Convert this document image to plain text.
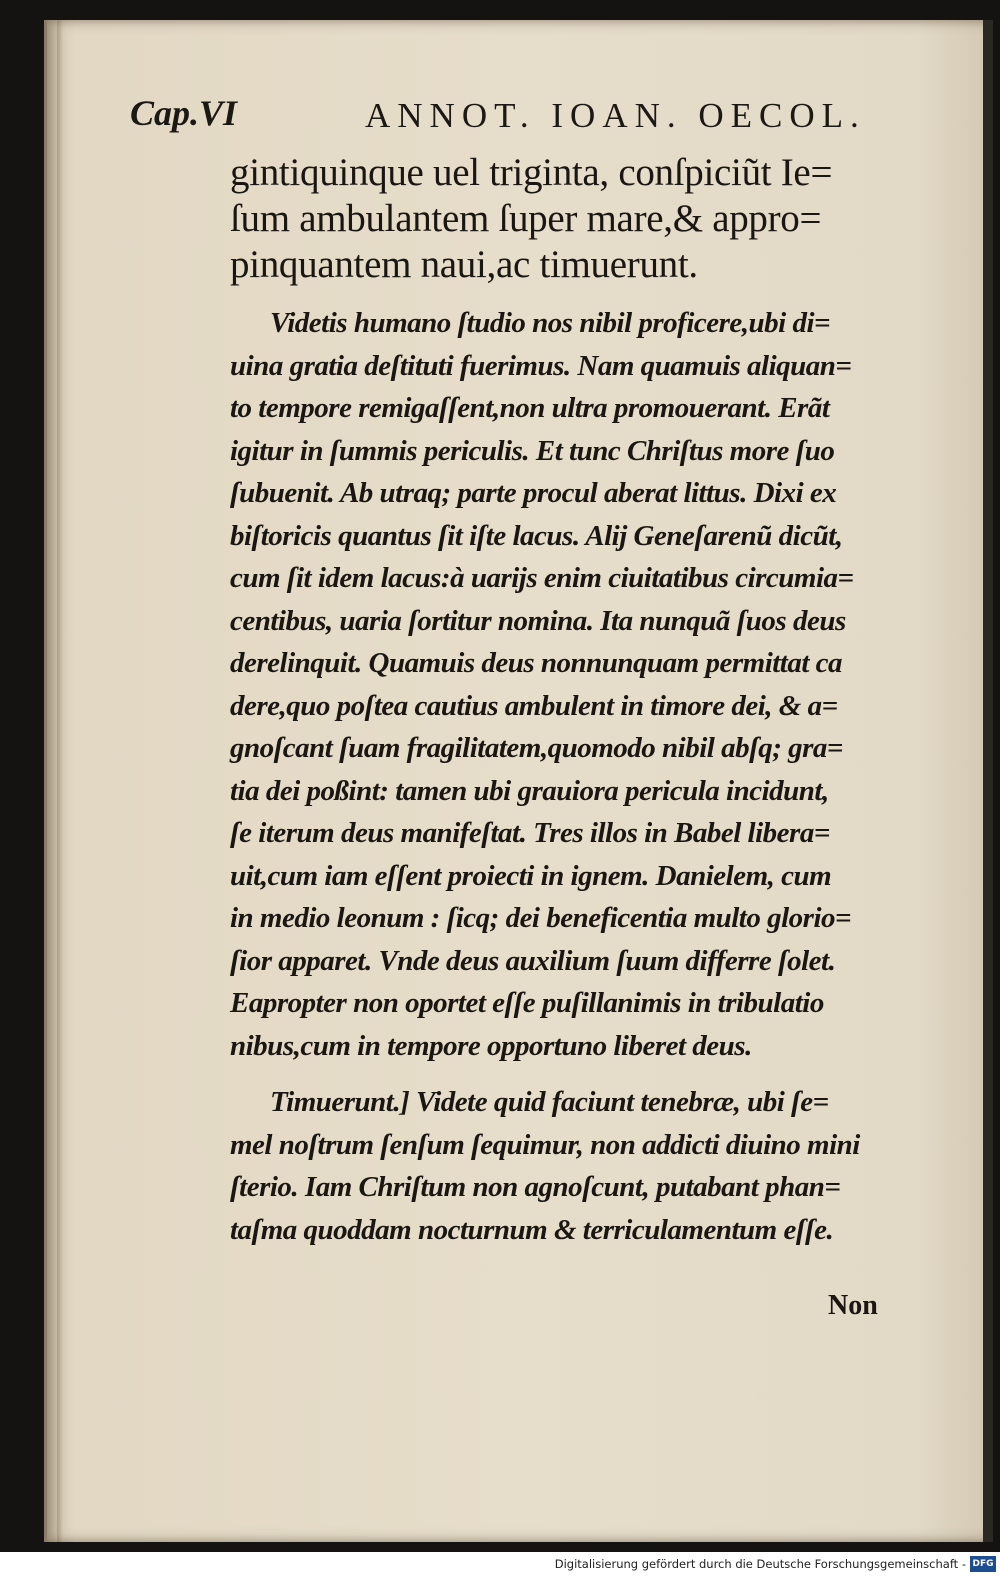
Cap.VI	ANNOT. IOAN. OECOL.
gintiquinque uel triginta, conſpiciũt Ie=
ſum ambulantem ſuper mare,& appro=
pinquantem naui,ac timuerunt.
Videtis humano ſtudio nos nibil proficere,ubi di=
uina gratia deſtituti fuerimus. Nam quamuis aliquan=
to tempore remigaſſent,non ultra promouerant. Erãt
igitur in ſummis periculis. Et tunc Chriſtus more ſuo
ſubuenit. Ab utraq; parte procul aberat littus. Dixi ex
biſtoricis quantus ſit iſte lacus. Alij Geneſarenũ dicũt,
cum ſit idem lacus:à uarijs enim ciuitatibus circumia=
centibus, uaria ſortitur nomina. Ita nunquã ſuos deus
derelinquit. Quamuis deus nonnunquam permittat ca
dere,quo poſtea cautius ambulent in timore dei, & a=
gnoſcant ſuam fragilitatem,quomodo nibil abſq; gra=
tia dei poßint: tamen ubi grauiora pericula incidunt,
ſe iterum deus manifeſtat. Tres illos in Babel libera=
uit,cum iam eſſent proiecti in ignem. Danielem, cum
in medio leonum : ſicq; dei beneficentia multo glorio=
ſior apparet. Vnde deus auxilium ſuum differre ſolet.
Eapropter non oportet eſſe puſillanimis in tribulatio
nibus,cum in tempore opportuno liberet deus.
Timuerunt.] Videte quid faciunt tenebræ, ubi ſe=
mel noſtrum ſenſum ſequimur, non addicti diuino mini
ſterio. Iam Chriſtum non agnoſcunt, putabant phan=
taſma quoddam nocturnum & terriculamentum eſſe.
Non
Digitalisierung gefördert durch die Deutsche Forschungsgemeinschaft - DFG
